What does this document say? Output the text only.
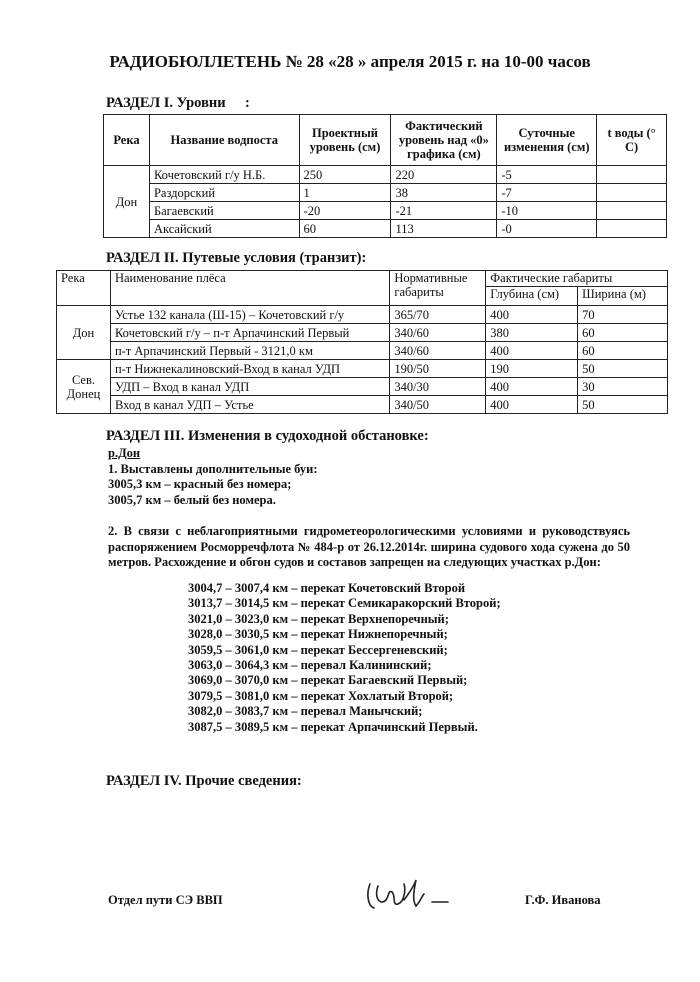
РАДИОБЮЛЛЕТЕНЬ № 28 «28 » апреля 2015 г. на 10-00 часов
РАЗДЕЛ I. Уровни :
Река	Название водпоста	Проектный уровень (см)	Фактический уровень над «0» графика (см)	Суточные изменения (см)	t воды (° C)
Дон	Кочетовский г/у Н.Б.	250	220	-5	
	Раздорский	1	38	-7	
	Багаевский	-20	-21	-10	
	Аксайский	60	113	-0	
РАЗДЕЛ II. Путевые условия (транзит):
Река	Наименование плёса	Нормативные габариты	Фактические габариты	
			Глубина (см)	Ширина (м)
Дон	Устье 132 канала (Ш-15) – Кочетовский г/у	365/70	400	70
	Кочетовский г/у – п-т Арпачинский Первый	340/60	380	60
	п-т Арпачинский Первый - 3121,0 км	340/60	400	60
Сев. Донец	п-т Нижнекалиновский-Вход в канал УДП	190/50	190	50
	УДП – Вход в канал УДП	340/30	400	30
	Вход в канал УДП – Устье	340/50	400	50
РАЗДЕЛ III. Изменения в судоходной обстановке:

р.Дон

1. Выставлены дополнительные буи:

3005,3 км – красный без номера;

3005,7 км – белый без номера.

2. В связи с неблагоприятными гидрометеорологическими условиями и руководствуясь распоряжением Росморречфлота № 484-р от 26.12.2014г. ширина судового хода сужена до 50 метров. Расхождение и обгон судов и составов запрещен на следующих участках р.Дон:

3004,7 – 3007,4 км – перекат Кочетовский Второй
3013,7 – 3014,5 км – перекат Семикаракорский Второй;
3021,0 – 3023,0 км – перекат Верхнепоречный;
3028,0 – 3030,5 км – перекат Нижнепоречный;
3059,5 – 3061,0 км – перекат Бессергеневский;
3063,0 – 3064,3 км – перевал Калининский;
3069,0 – 3070,0 км – перекат Багаевский Первый;
3079,5 – 3081,0 км – перекат Хохлатый Второй;
3082,0 – 3083,7 км – перевал Манычский;
3087,5 – 3089,5 км – перекат Арпачинский Первый.
РАЗДЕЛ IV. Прочие сведения:
Отдел пути СЭ ВВП	Г.Ф. Иванова
